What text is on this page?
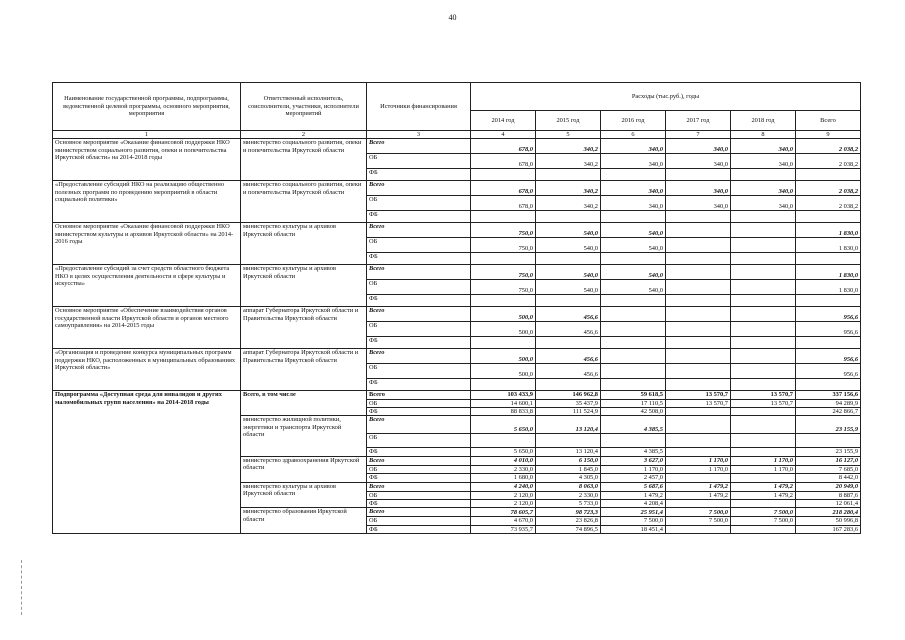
40
Наименование государственной программы, подпрограммы, ведомственной целевой программы, основного мероприятия, мероприятия	Ответственный исполнитель, соисполнители, участники, исполнители мероприятий	Источники финансирования	Расходы (тыс.руб.), годы					
			2014 год	2015 год	2016 год	2017 год	2018 год	Всего
1	2	3	4	5	6	7	8	9
Основное мероприятие «Оказание финансовой поддержки НКО министерством социального развития, опеки и попечительства Иркутской области» на 2014-2018 годы	министерство социального развития, опеки и попечительства Иркутской области	Всего	678,0	340,2	340,0	340,0	340,0	2 038,2
		ОБ	678,0	340,2	340,0	340,0	340,0	2 038,2
		ФБ						
«Предоставление субсидий НКО на реализацию общественно полезных программ по проведению мероприятий в области социальной политики»	министерство социального развития, опеки и попечительства Иркутской области	Всего	678,0	340,2	340,0	340,0	340,0	2 038,2
		ОБ	678,0	340,2	340,0	340,0	340,0	2 038,2
		ФБ						
Основное мероприятие «Оказание финансовой поддержки НКО министерством культуры и архивов Иркутской области» на 2014-2016 годы	министерство культуры и архивов Иркутской области	Всего	750,0	540,0	540,0			1 830,0
		ОБ	750,0	540,0	540,0			1 830,0
		ФБ						
«Предоставление субсидий за счет средств областного бюджета НКО в целях осуществления деятельности в сфере культуры и искусства»	министерство культуры и архивов Иркутской области	Всего	750,0	540,0	540,0			1 830,0
		ОБ	750,0	540,0	540,0			1 830,0
		ФБ						
Основное мероприятие «Обеспечение взаимодействия органов государственной власти Иркутской области и органов местного самоуправления» на 2014-2015 годы	аппарат Губернатора Иркутской области и Правительства Иркутской области	Всего	500,0	456,6				956,6
		ОБ	500,0	456,6				956,6
		ФБ						
«Организация и проведение конкурса муниципальных программ поддержки НКО, расположенных в муниципальных образованиях Иркутской области»	аппарат Губернатора Иркутской области и Правительства Иркутской области	Всего	500,0	456,6				956,6
		ОБ	500,0	456,6				956,6
		ФБ						
Подпрограмма «Доступная среда для инвалидов и других маломобильных групп населения» на 2014-2018 годы	Всего, в том числе	Всего	103 433,9	146 962,8	59 618,5	13 570,7	13 570,7	337 156,6
		ОБ	14 600,1	35 437,9	17 110,5	13 570,7	13 570,7	94 289,9
		ФБ	88 833,8	111 524,9	42 508,0			242 866,7
	министерство жилищной политики, энергетики и транспорта Иркутской области	Всего	5 650,0	13 120,4	4 385,5			23 155,9
		ОБ						
		ФБ	5 650,0	13 120,4	4 385,5			23 155,9
	министерство здравоохранения Иркутской области	Всего	4 010,0	6 150,0	3 627,0	1 170,0	1 170,0	16 127,0
		ОБ	2 330,0	1 845,0	1 170,0	1 170,0	1 170,0	7 685,0
		ФБ	1 680,0	4 305,0	2 457,0			8 442,0
	министерство культуры и архивов Иркутской области	Всего	4 240,0	8 063,0	5 687,6	1 479,2	1 479,2	20 949,0
		ОБ	2 120,0	2 330,0	1 479,2	1 479,2	1 479,2	8 887,6
		ФБ	2 120,0	5 733,0	4 208,4			12 061,4
	министерство образования Иркутской области	Всего	78 605,7	98 723,3	25 951,4	7 500,0	7 500,0	218 280,4
		ОБ	4 670,0	23 826,8	7 500,0	7 500,0	7 500,0	50 996,8
		ФБ	73 935,7	74 896,5	18 451,4			167 283,6
